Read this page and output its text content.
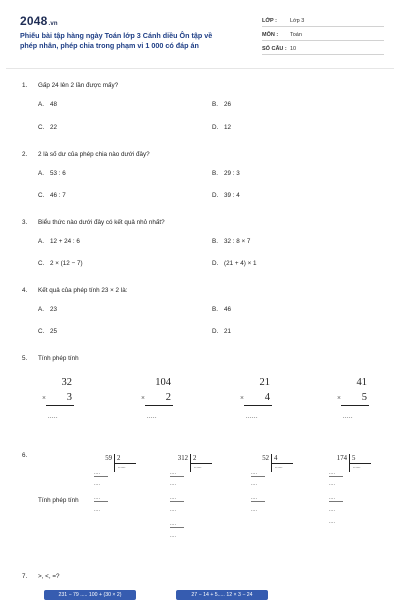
2048.vn
Phiếu bài tập hàng ngày Toán lớp 3 Cánh diều Ôn tập về
phép nhân, phép chia trong phạm vi 1 000 có đáp án
LỚP : Lớp 3
MÔN : Toán
SỐ CÂU : 10
1. Gấp 24 lên 2 lần được mấy?
A. 48	B. 26
C. 22	D. 12
2. 2 là số dư của phép chia nào dưới đây?
A. 53 : 6	B. 29 : 3
C. 46 : 7	D. 39 : 4
3. Biểu thức nào dưới đây có kết quả nhỏ nhất?
A. 12 + 24 : 6	B. 32 : 8 × 7
C. 2 × (12 − 7)	D. (21 + 4) × 1
4. Kết quả của phép tính 23 × 2 là:
A. 23	B. 46
C. 25	D. 21
5. Tính phép tính
32
× 3
.....
104
× 2
.....
21
× 4
......
41
× 5
.....
6.
Tính phép tính
59 2
......
....
....
....
....
312 2
......
....
....
....
....
....
....
52 4
......
....
....
....
....
174 5
......
....
....
....
....
....
7. >, <, =?
231 − 79 ..... 100 + (30 × 2)	27 − 14 + 5..... 12 × 3 − 24
